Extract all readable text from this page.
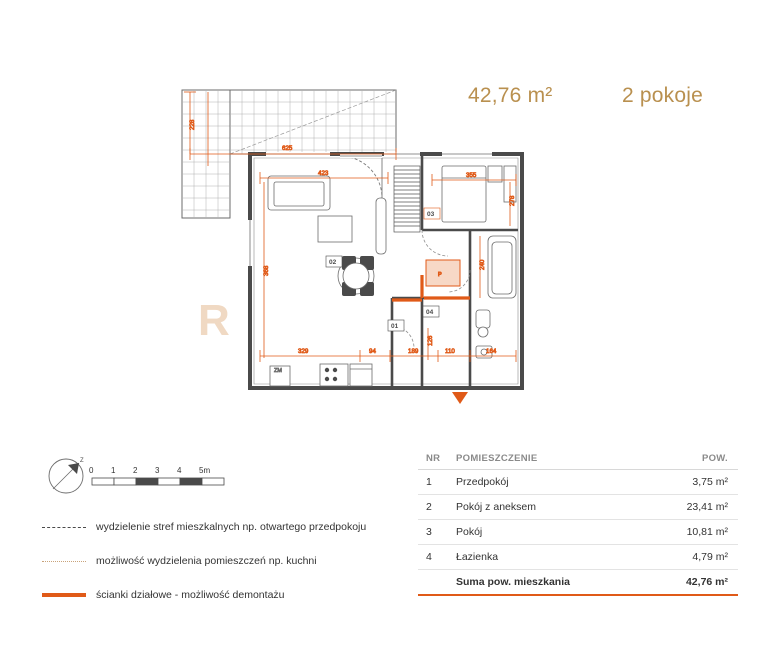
42,76 m²	2 pokoje
R
ZM
P
01
02
03
04
625
228
423	355
368
278
240
126
329	94	189	110	164
Z
0 1 2 3 4 5m
wydzielenie stref mieszkalnych np. otwartego przedpokoju
możliwość wydzielenia pomieszczeń np. kuchni
ścianki działowe - możliwość demontażu
NR	POMIESZCZENIE	POW.
1	Przedpokój	3,75 m²
2	Pokój z aneksem	23,41 m²
3	Pokój	10,81 m²
4	Łazienka	4,79 m²
	Suma pow. mieszkania	42,76 m²
